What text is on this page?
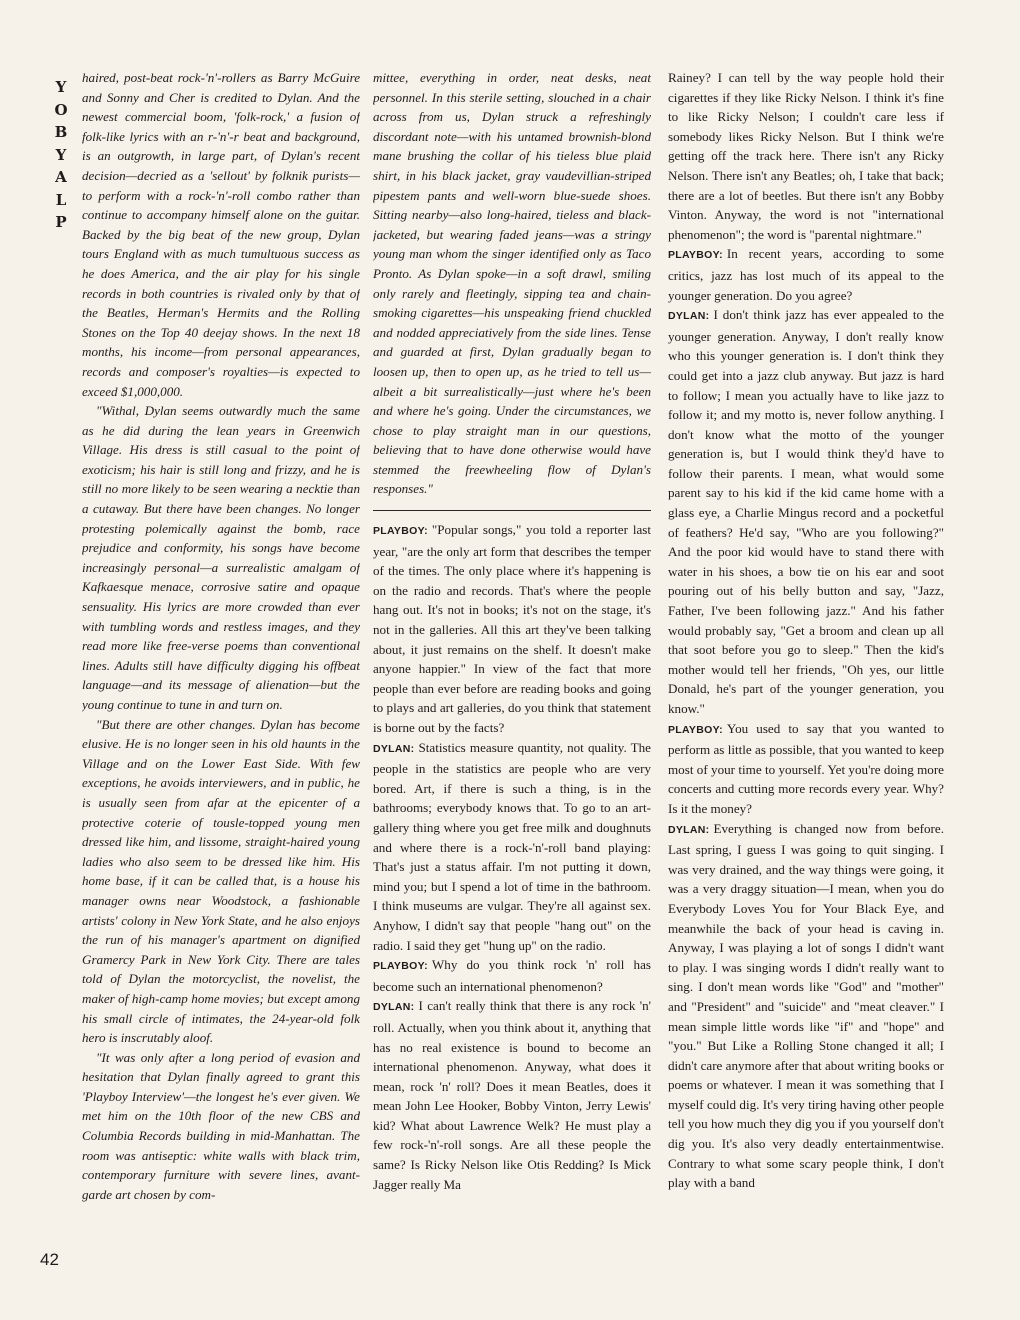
Y
O
B
Y
A
L
P
42

haired, post-beat rock-'n'-rollers as Barry McGuire and Sonny and Cher is credited to Dylan. And the newest commercial boom, 'folk-rock,' a fusion of folk-like lyrics with an r-'n'-r beat and background, is an outgrowth, in large part, of Dylan's recent decision—decried as a 'sellout' by folknik purists—to perform with a rock-'n'-roll combo rather than continue to accompany himself alone on the guitar. Backed by the big beat of the new group, Dylan tours England with as much tumultuous success as he does America, and the air play for his single records in both countries is rivaled only by that of the Beatles, Herman's Hermits and the Rolling Stones on the Top 40 deejay shows. In the next 18 months, his income—from personal appearances, records and composer's royalties—is expected to exceed $1,000,000.

"Withal, Dylan seems outwardly much the same as he did during the lean years in Greenwich Village. His dress is still casual to the point of exoticism; his hair is still long and frizzy, and he is still no more likely to be seen wearing a necktie than a cutaway. But there have been changes. No longer protesting polemically against the bomb, race prejudice and conformity, his songs have become increasingly personal—a surrealistic amalgam of Kafkaesque menace, corrosive satire and opaque sensuality. His lyrics are more crowded than ever with tumbling words and restless images, and they read more like free-verse poems than conventional lines. Adults still have difficulty digging his offbeat language—and its message of alienation—but the young continue to tune in and turn on.

"But there are other changes. Dylan has become elusive. He is no longer seen in his old haunts in the Village and on the Lower East Side. With few exceptions, he avoids interviewers, and in public, he is usually seen from afar at the epicenter of a protective coterie of tousle-topped young men dressed like him, and lissome, straight-haired young ladies who also seem to be dressed like him. His home base, if it can be called that, is a house his manager owns near Woodstock, a fashionable artists' colony in New York State, and he also enjoys the run of his manager's apartment on dignified Gramercy Park in New York City. There are tales told of Dylan the motorcyclist, the novelist, the maker of high-camp home movies; but except among his small circle of intimates, the 24-year-old folk hero is inscrutably aloof.

"It was only after a long period of evasion and hesitation that Dylan finally agreed to grant this 'Playboy Interview'—the longest he's ever given. We met him on the 10th floor of the new CBS and Columbia Records building in mid-Manhattan. The room was antiseptic: white walls with black trim, contemporary furniture with severe lines, avant-garde art chosen by com-

mittee, everything in order, neat desks, neat personnel. In this sterile setting, slouched in a chair across from us, Dylan struck a refreshingly discordant note—with his untamed brownish-blond mane brushing the collar of his tieless blue plaid shirt, in his black jacket, gray vaudevillian-striped pipestem pants and well-worn blue-suede shoes. Sitting nearby—also long-haired, tieless and black-jacketed, but wearing faded jeans—was a stringy young man whom the singer identified only as Taco Pronto. As Dylan spoke—in a soft drawl, smiling only rarely and fleetingly, sipping tea and chain-smoking cigarettes—his unspeaking friend chuckled and nodded appreciatively from the side lines. Tense and guarded at first, Dylan gradually began to loosen up, then to open up, as he tried to tell us—albeit a bit surrealistically—just where he's been and where he's going. Under the circumstances, we chose to play straight man in our questions, believing that to have done otherwise would have stemmed the freewheeling flow of Dylan's responses."

PLAYBOY: "Popular songs," you told a reporter last year, "are the only art form that describes the temper of the times. The only place where it's happening is on the radio and records. That's where the people hang out. It's not in books; it's not on the stage, it's not in the galleries. All this art they've been talking about, it just remains on the shelf. It doesn't make anyone happier." In view of the fact that more people than ever before are reading books and going to plays and art galleries, do you think that statement is borne out by the facts?

DYLAN: Statistics measure quantity, not quality. The people in the statistics are people who are very bored. Art, if there is such a thing, is in the bathrooms; everybody knows that. To go to an art-gallery thing where you get free milk and doughnuts and where there is a rock-'n'-roll band playing: That's just a status affair. I'm not putting it down, mind you; but I spend a lot of time in the bathroom. I think museums are vulgar. They're all against sex. Anyhow, I didn't say that people "hang out" on the radio. I said they get "hung up" on the radio.

PLAYBOY: Why do you think rock 'n' roll has become such an international phenomenon?

DYLAN: I can't really think that there is any rock 'n' roll. Actually, when you think about it, anything that has no real existence is bound to become an international phenomenon. Anyway, what does it mean, rock 'n' roll? Does it mean Beatles, does it mean John Lee Hooker, Bobby Vinton, Jerry Lewis' kid? What about Lawrence Welk? He must play a few rock-'n'-roll songs. Are all these people the same? Is Ricky Nelson like Otis Redding? Is Mick Jagger really Ma

Rainey? I can tell by the way people hold their cigarettes if they like Ricky Nelson. I think it's fine to like Ricky Nelson; I couldn't care less if somebody likes Ricky Nelson. But I think we're getting off the track here. There isn't any Ricky Nelson. There isn't any Beatles; oh, I take that back; there are a lot of beetles. But there isn't any Bobby Vinton. Anyway, the word is not "international phenomenon"; the word is "parental nightmare."

PLAYBOY: In recent years, according to some critics, jazz has lost much of its appeal to the younger generation. Do you agree?

DYLAN: I don't think jazz has ever appealed to the younger generation. Anyway, I don't really know who this younger generation is. I don't think they could get into a jazz club anyway. But jazz is hard to follow; I mean you actually have to like jazz to follow it; and my motto is, never follow anything. I don't know what the motto of the younger generation is, but I would think they'd have to follow their parents. I mean, what would some parent say to his kid if the kid came home with a glass eye, a Charlie Mingus record and a pocketful of feathers? He'd say, "Who are you following?" And the poor kid would have to stand there with water in his shoes, a bow tie on his ear and soot pouring out of his belly button and say, "Jazz, Father, I've been following jazz." And his father would probably say, "Get a broom and clean up all that soot before you go to sleep." Then the kid's mother would tell her friends, "Oh yes, our little Donald, he's part of the younger generation, you know."

PLAYBOY: You used to say that you wanted to perform as little as possible, that you wanted to keep most of your time to yourself. Yet you're doing more concerts and cutting more records every year. Why? Is it the money?

DYLAN: Everything is changed now from before. Last spring, I guess I was going to quit singing. I was very drained, and the way things were going, it was a very draggy situation—I mean, when you do Everybody Loves You for Your Black Eye, and meanwhile the back of your head is caving in. Anyway, I was playing a lot of songs I didn't want to play. I was singing words I didn't really want to sing. I don't mean words like "God" and "mother" and "President" and "suicide" and "meat cleaver." I mean simple little words like "if" and "hope" and "you." But Like a Rolling Stone changed it all; I didn't care anymore after that about writing books or poems or whatever. I mean it was something that I myself could dig. It's very tiring having other people tell you how much they dig you if you yourself don't dig you. It's also very deadly entertainmentwise. Contrary to what some scary people think, I don't play with a band
